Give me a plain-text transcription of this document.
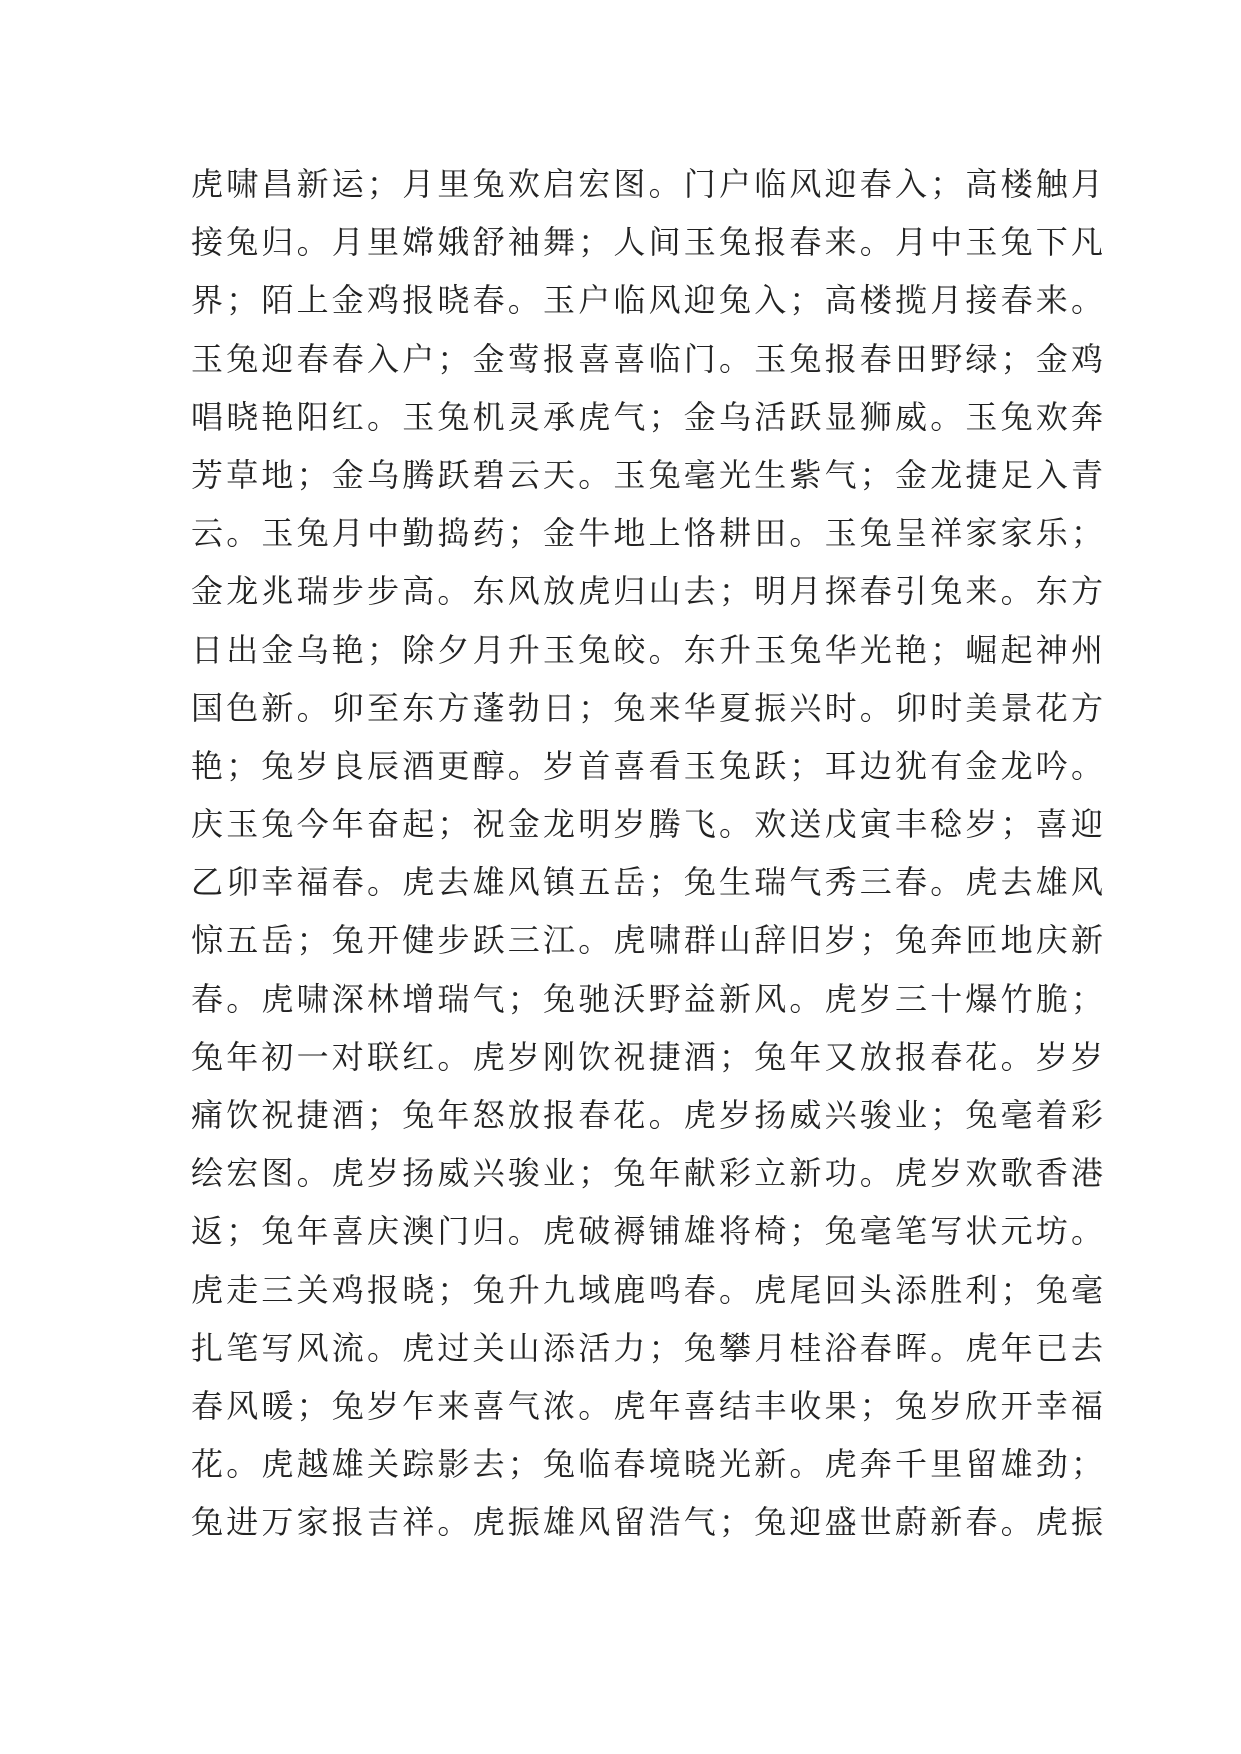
虎啸昌新运；月里兔欢启宏图。门户临风迎春入；高楼触月
接兔归。月里嫦娥舒袖舞；人间玉兔报春来。月中玉兔下凡
界；陌上金鸡报晓春。玉户临风迎兔入；高楼揽月接春来。
玉兔迎春春入户；金莺报喜喜临门。玉兔报春田野绿；金鸡
唱晓艳阳红。玉兔机灵承虎气；金乌活跃显狮威。玉兔欢奔
芳草地；金乌腾跃碧云天。玉兔毫光生紫气；金龙捷足入青
云。玉兔月中勤捣药；金牛地上恪耕田。玉兔呈祥家家乐；
金龙兆瑞步步高。东风放虎归山去；明月探春引兔来。东方
日出金乌艳；除夕月升玉兔皎。东升玉兔华光艳；崛起神州
国色新。卯至东方蓬勃日；兔来华夏振兴时。卯时美景花方
艳；兔岁良辰酒更醇。岁首喜看玉兔跃；耳边犹有金龙吟。
庆玉兔今年奋起；祝金龙明岁腾飞。欢送戊寅丰稔岁；喜迎
乙卯幸福春。虎去雄风镇五岳；兔生瑞气秀三春。虎去雄风
惊五岳；兔开健步跃三江。虎啸群山辞旧岁；兔奔匝地庆新
春。虎啸深林增瑞气；兔驰沃野益新风。虎岁三十爆竹脆；
兔年初一对联红。虎岁刚饮祝捷酒；兔年又放报春花。岁岁
痛饮祝捷酒；兔年怒放报春花。虎岁扬威兴骏业；兔毫着彩
绘宏图。虎岁扬威兴骏业；兔年献彩立新功。虎岁欢歌香港
返；兔年喜庆澳门归。虎破褥铺雄将椅；兔毫笔写状元坊。
虎走三关鸡报晓；兔升九域鹿鸣春。虎尾回头添胜利；兔毫
扎笔写风流。虎过关山添活力；兔攀月桂浴春晖。虎年已去
春风暖；兔岁乍来喜气浓。虎年喜结丰收果；兔岁欣开幸福
花。虎越雄关踪影去；兔临春境晓光新。虎奔千里留雄劲；
兔进万家报吉祥。虎振雄风留浩气；兔迎盛世蔚新春。虎振
